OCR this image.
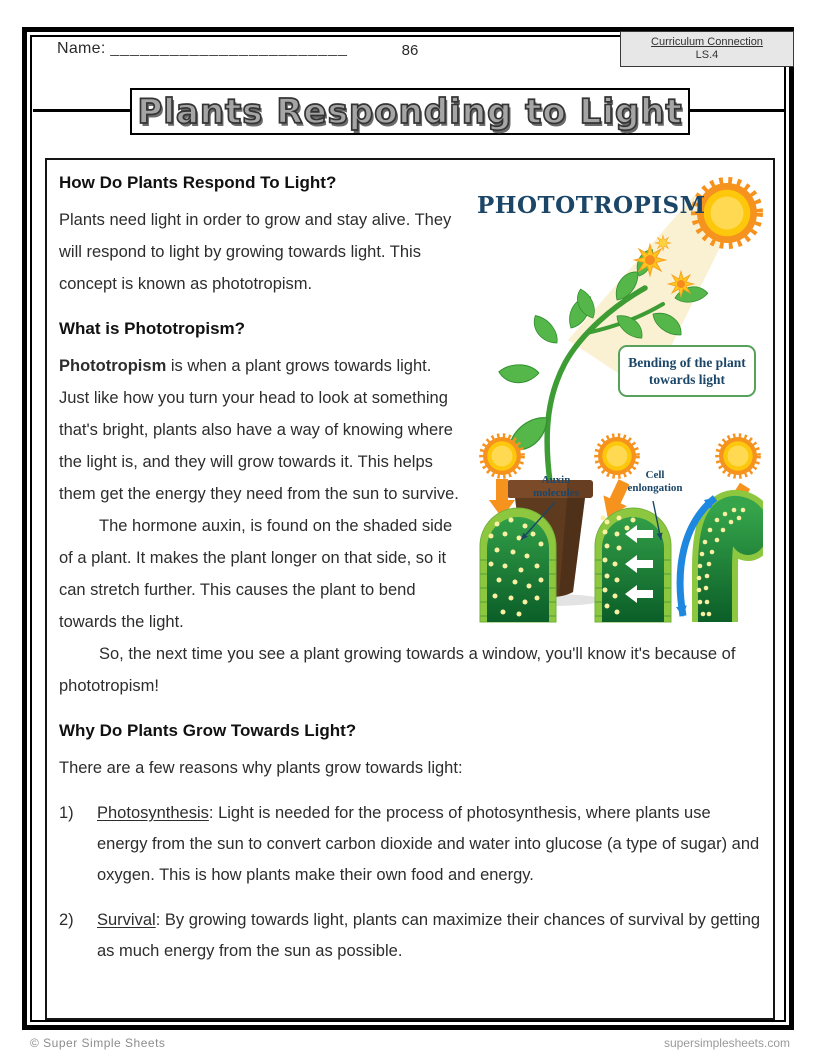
Name: ________________________	86	Curriculum Connection
LS.4
Plants Responding to Light
PHOTOTROPISM
Bending of the plant towards light
Auxin molecules
Cell enlongation
How Do Plants Respond To Light?

Plants need light in order to grow and stay alive. They will respond to light by growing towards light. This concept is known as phototropism.

What is Phototropism?

Phototropism is when a plant grows towards light. Just like how you turn your head to look at something that's bright, plants also have a way of knowing where the light is, and they will grow towards it. This helps them get the energy they need from the sun to survive.

The hormone auxin, is found on the shaded side of a plant. It makes the plant longer on that side, so it can stretch further. This causes the plant to bend towards the light.

So, the next time you see a plant growing towards a window, you'll know it's because of phototropism!

Why Do Plants Grow Towards Light?

There are a few reasons why plants grow towards light:

1)	Photosynthesis: Light is needed for the process of photosynthesis, where plants use energy from the sun to convert carbon dioxide and water into glucose (a type of sugar) and oxygen. This is how plants make their own food and energy.
2)	Survival: By growing towards light, plants can maximize their chances of survival by getting as much energy from the sun as possible.
© Super Simple Sheets	supersimplesheets.com
